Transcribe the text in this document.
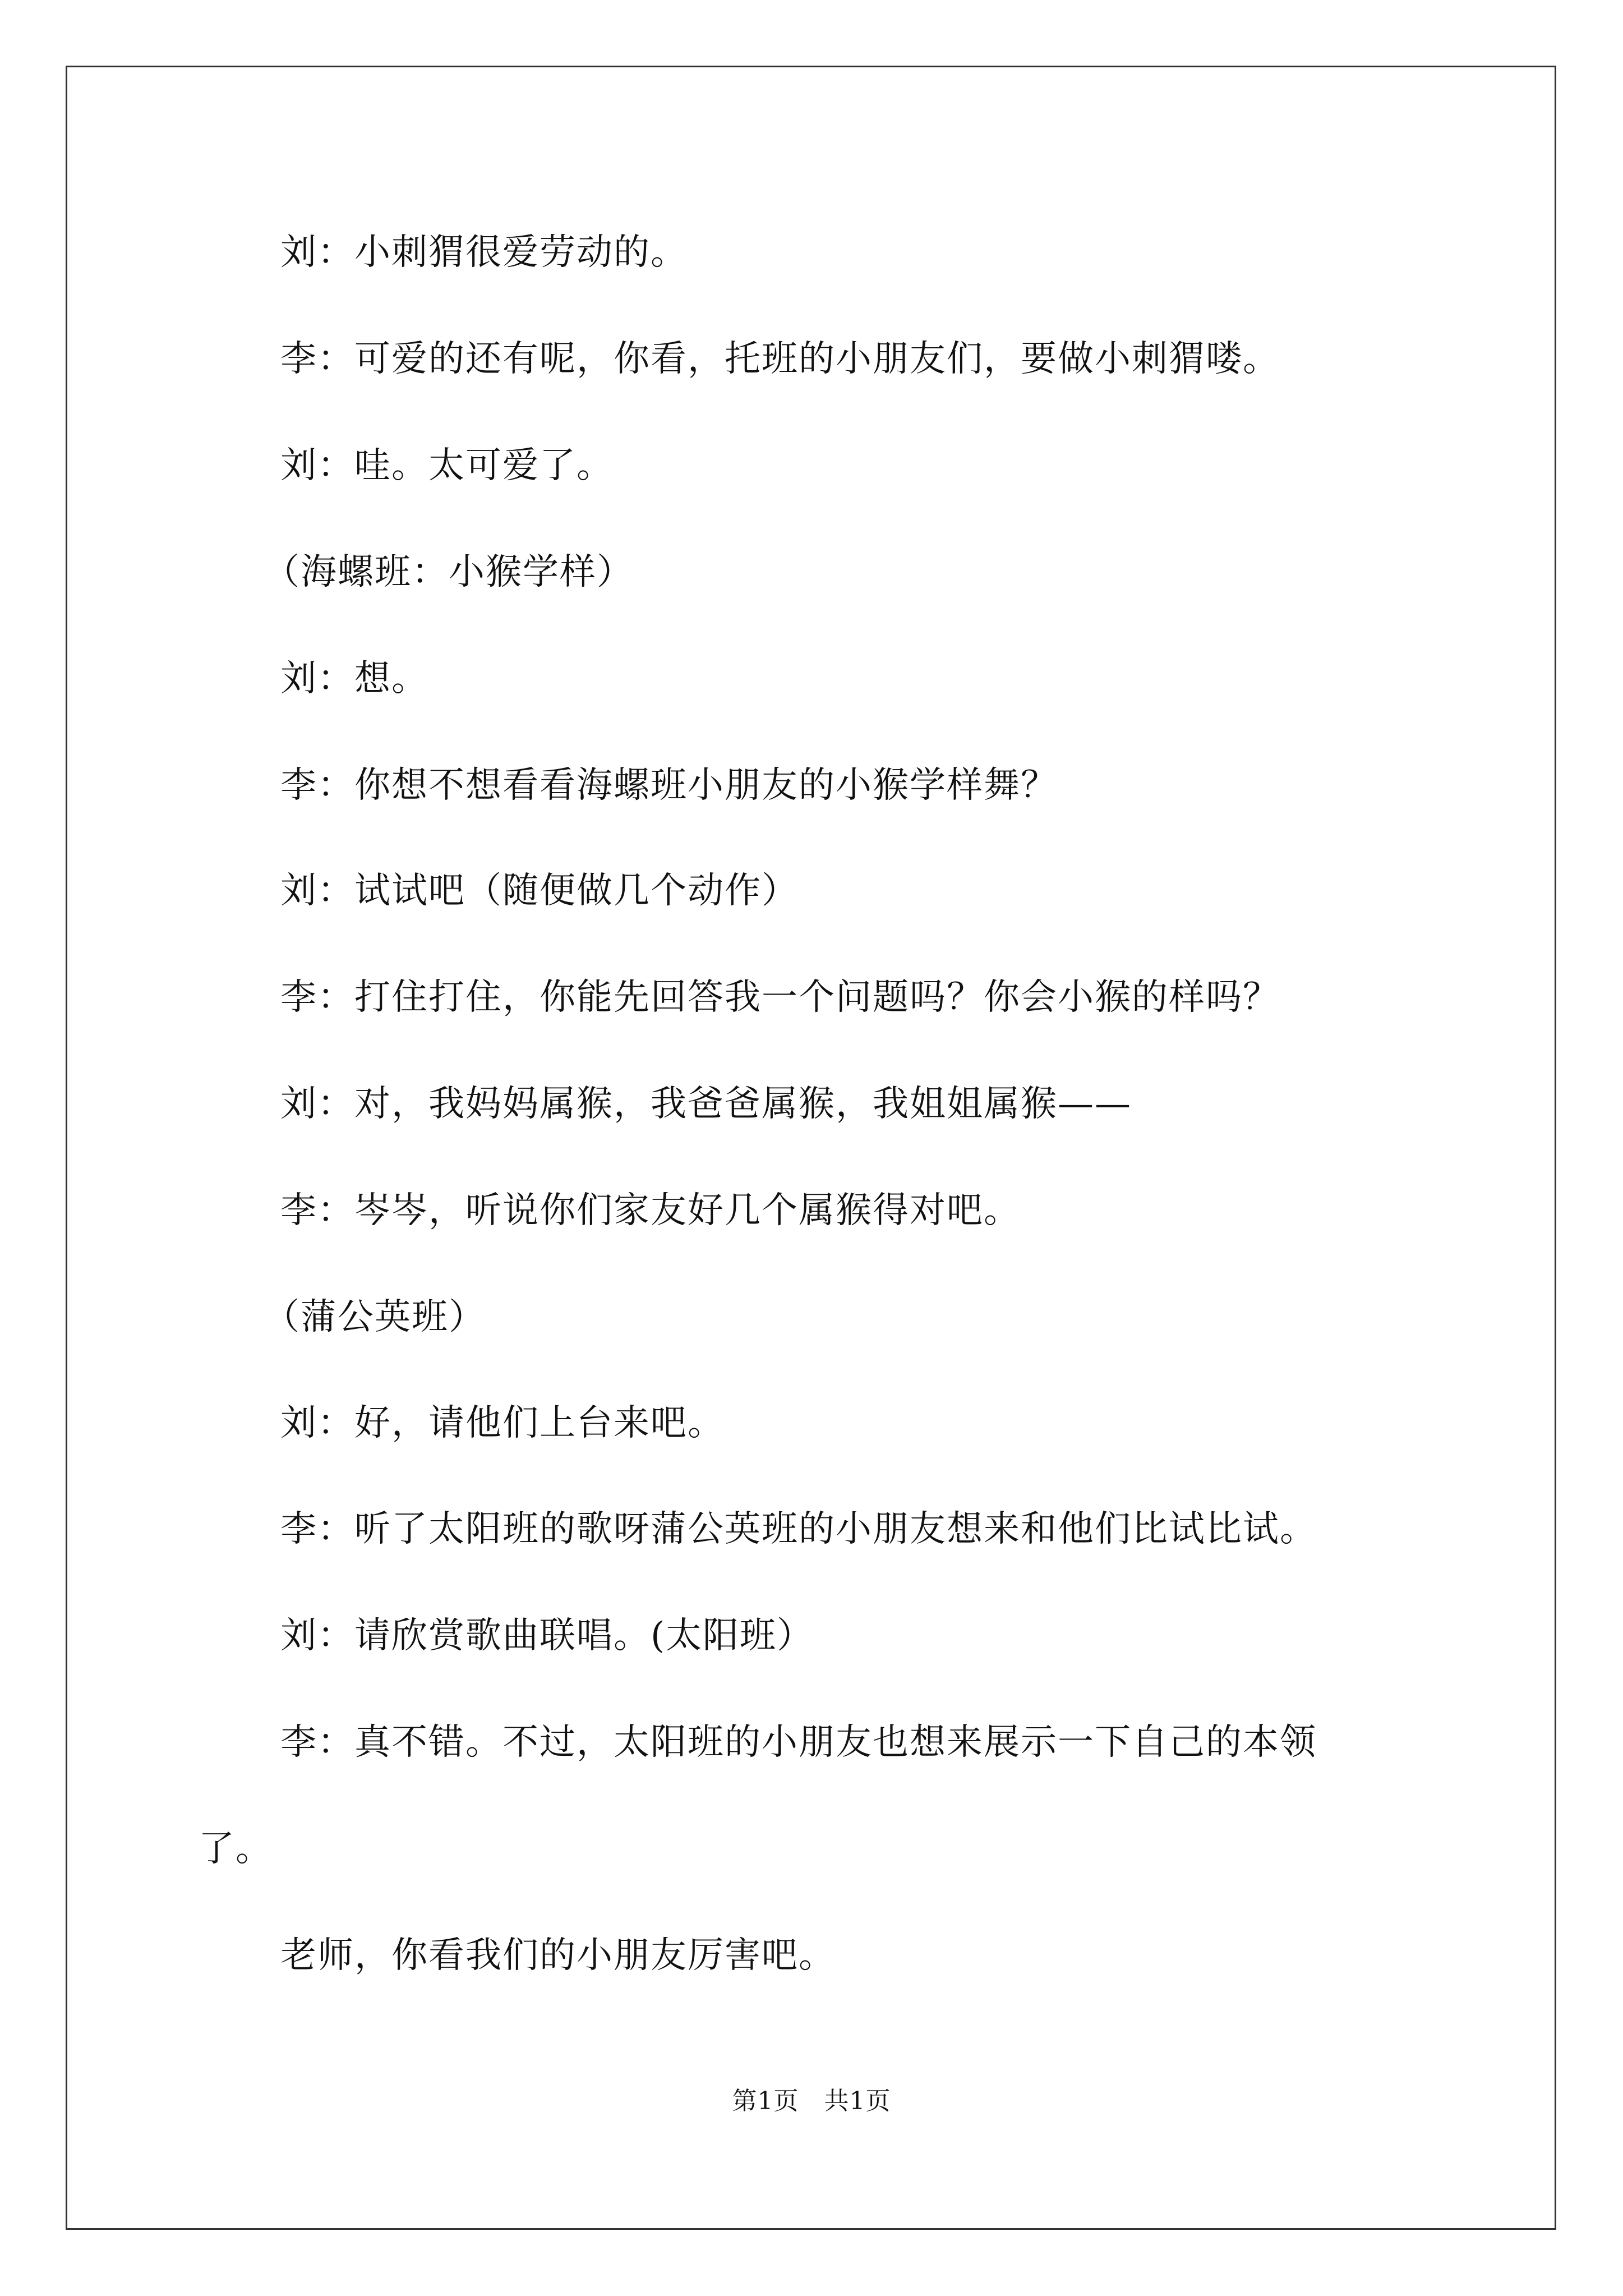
刘：小刺猬很爱劳动的。
李：可爱的还有呢，你看，托班的小朋友们，要做小刺猬喽。
刘：哇。太可爱了。
（海螺班：小猴学样）
刘：想。
李：你想不想看看海螺班小朋友的小猴学样舞？
刘：试试吧（随便做几个动作）
李：打住打住，你能先回答我一个问题吗？你会小猴的样吗？
刘：对，我妈妈属猴，我爸爸属猴，我姐姐属猴——
李：岑岑，听说你们家友好几个属猴得对吧。
（蒲公英班）
刘：好，请他们上台来吧。
李：听了太阳班的歌呀蒲公英班的小朋友想来和他们比试比试。
刘：请欣赏歌曲联唱。(太阳班）
李：真不错。不过，太阳班的小朋友也想来展示一下自己的本领
了。
老师，你看我们的小朋友厉害吧。
第1页　共1页
